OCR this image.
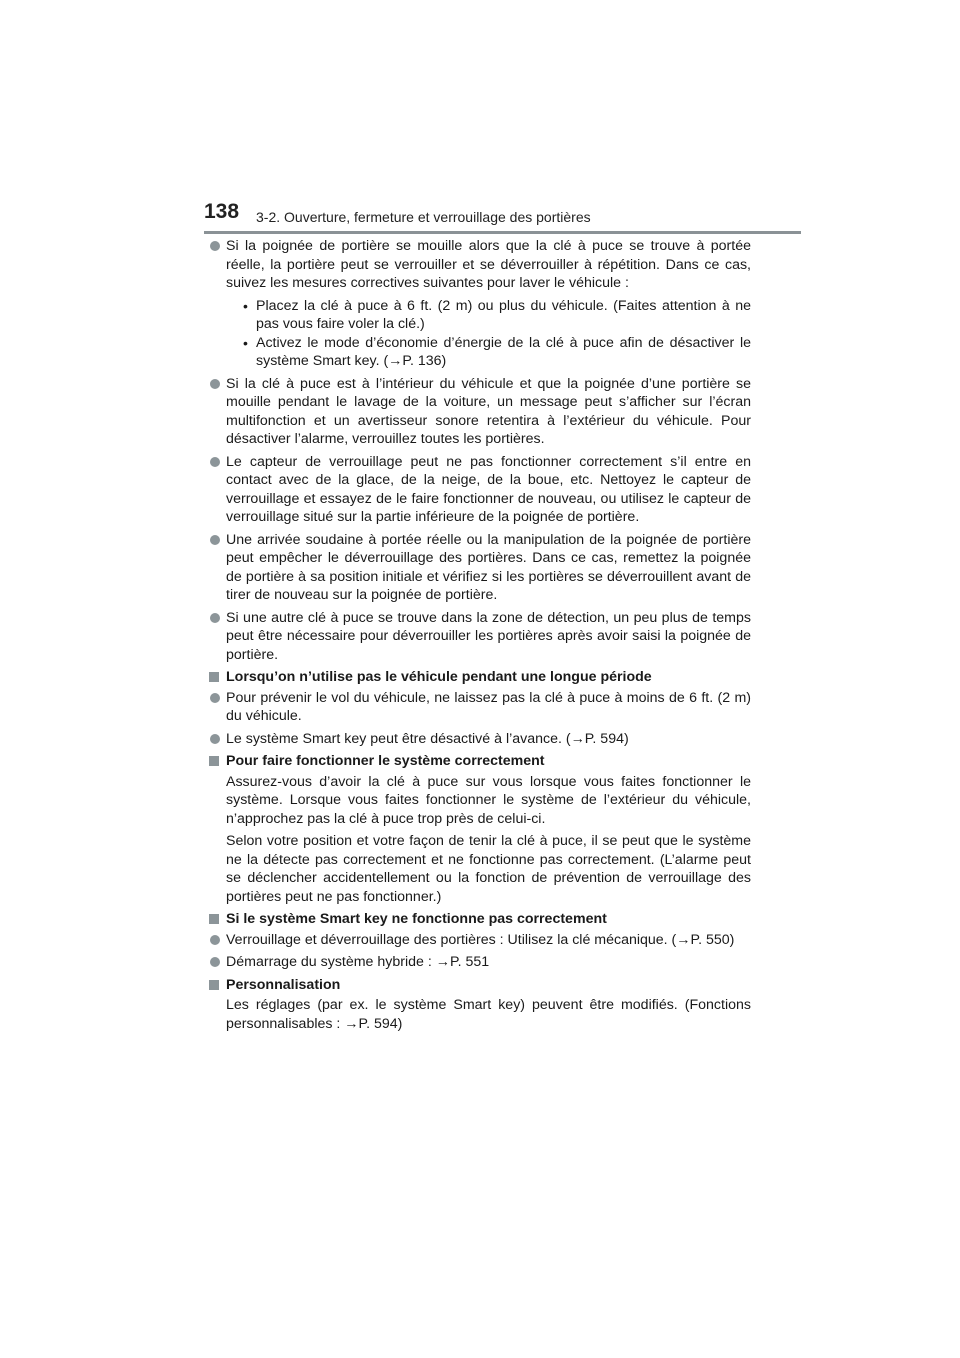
138 3-2. Ouverture, fermeture et verrouillage des portières
Si la poignée de portière se mouille alors que la clé à puce se trouve à portée réelle, la portière peut se verrouiller et se déverrouiller à répétition. Dans ce cas, suivez les mesures correctives suivantes pour laver le véhicule :
• Placez la clé à puce à 6 ft. (2 m) ou plus du véhicule. (Faites attention à ne pas vous faire voler la clé.)
• Activez le mode d’économie d’énergie de la clé à puce afin de désactiver le système Smart key. (→P. 136)
Si la clé à puce est à l’intérieur du véhicule et que la poignée d’une portière se mouille pendant le lavage de la voiture, un message peut s’afficher sur l’écran multifonction et un avertisseur sonore retentira à l’extérieur du véhicule. Pour désactiver l’alarme, verrouillez toutes les portières.
Le capteur de verrouillage peut ne pas fonctionner correctement s’il entre en contact avec de la glace, de la neige, de la boue, etc. Nettoyez le capteur de verrouillage et essayez de le faire fonctionner de nouveau, ou utilisez le capteur de verrouillage situé sur la partie inférieure de la poignée de portière.
Une arrivée soudaine à portée réelle ou la manipulation de la poignée de portière peut empêcher le déverrouillage des portières. Dans ce cas, remettez la poignée de portière à sa position initiale et vérifiez si les portières se déverrouillent avant de tirer de nouveau sur la poignée de portière.
Si une autre clé à puce se trouve dans la zone de détection, un peu plus de temps peut être nécessaire pour déverrouiller les portières après avoir saisi la poignée de portière.
Lorsqu’on n’utilise pas le véhicule pendant une longue période
Pour prévenir le vol du véhicule, ne laissez pas la clé à puce à moins de 6 ft. (2 m) du véhicule.
Le système Smart key peut être désactivé à l’avance. (→P. 594)
Pour faire fonctionner le système correctement
Assurez-vous d’avoir la clé à puce sur vous lorsque vous faites fonctionner le système. Lorsque vous faites fonctionner le système de l’extérieur du véhicule, n’approchez pas la clé à puce trop près de celui-ci.
Selon votre position et votre façon de tenir la clé à puce, il se peut que le système ne la détecte pas correctement et ne fonctionne pas correctement. (L’alarme peut se déclencher accidentellement ou la fonction de prévention de verrouillage des portières peut ne pas fonctionner.)
Si le système Smart key ne fonctionne pas correctement
Verrouillage et déverrouillage des portières : Utilisez la clé mécanique. (→P. 550)
Démarrage du système hybride : →P. 551
Personnalisation
Les réglages (par ex. le système Smart key) peuvent être modifiés. (Fonctions personnalisables : →P. 594)
